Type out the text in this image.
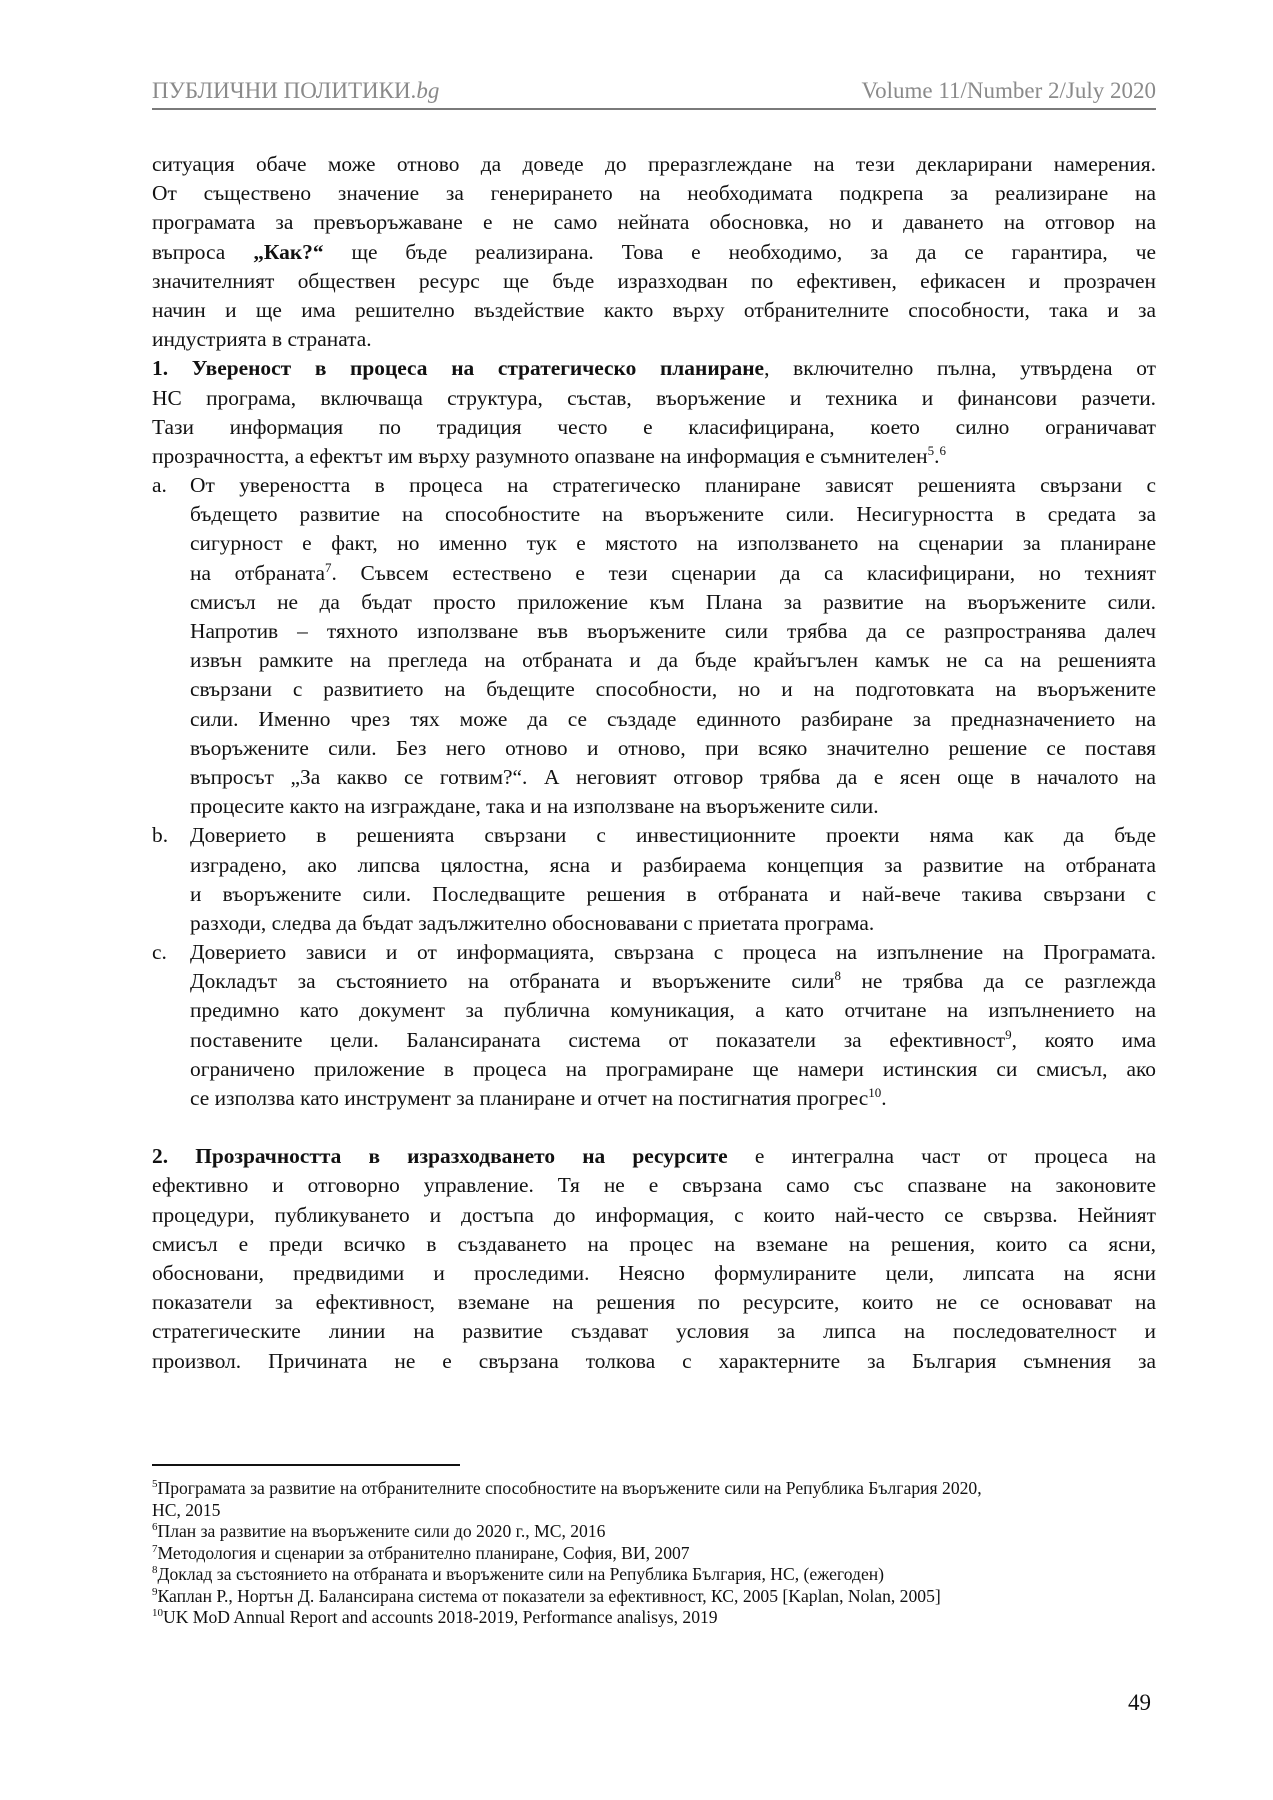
ПУБЛИЧНИ ПОЛИТИКИ.bg	Volume 11/Number 2/July 2020
ситуация обаче може отново да доведе до преразглеждане на тези декларирани намерения.
От съществено значение за генерирането на необходимата подкрепа за реализиране на
програмата за превъоръжаване е не само нейната обосновка, но и даването на отговор на
въпроса „Как?“ ще бъде реализирана. Това е необходимо, за да се гарантира, че
значителният обществен ресурс ще бъде изразходван по ефективен, ефикасен и прозрачен
начин и ще има решително въздействие както върху отбранителните способности, така и за
индустрията в страната.
1. Увереност в процеса на стратегическо планиране, включително пълна, утвърдена от
НС програма, включваща структура, състав, въоръжение и техника и финансови разчети.
Тази информация по традиция често е класифицирана, което силно ограничават
прозрачността, а ефектът им върху разумното опазване на информация е съмнителен$^5$.$^6$
a. От увереността в процеса на стратегическо планиране зависят решенията свързани с
бъдещето развитие на способностите на въоръжените сили. Несигурността в средата за
сигурност е факт, но именно тук е мястото на използването на сценарии за планиране
на отбраната$^7$. Съвсем естествено е тези сценарии да са класифицирани, но техният
смисъл не да бъдат просто приложение към Плана за развитие на въоръжените сили.
Напротив – тяхното използване във въоръжените сили трябва да се разпространява далеч
извън рамките на прегледа на отбраната и да бъде крайъгълен камък не са на решенията
свързани с развитието на бъдещите способности, но и на подготовката на въоръжените
сили. Именно чрез тях може да се създаде единното разбиране за предназначението на
въоръжените сили. Без него отново и отново, при всяко значително решение се поставя
въпросът „За какво се готвим?“. А неговият отговор трябва да е ясен още в началото на
процесите както на изграждане, така и на използване на въоръжените сили.
b. Доверието в решенията свързани с инвестиционните проекти няма как да бъде
изградено, ако липсва цялостна, ясна и разбираема концепция за развитие на отбраната
и въоръжените сили. Последващите решения в отбраната и най-вече такива свързани с
разходи, следва да бъдат задължително обосновавани с приетата програма.
c. Доверието зависи и от информацията, свързана с процеса на изпълнение на Програмата.
Докладът за състоянието на отбраната и въоръжените сили$^8$ не трябва да се разглежда
предимно като документ за публична комуникация, а като отчитане на изпълнението на
поставените цели. Балансираната система от показатели за ефективност$^9$, която има
ограничено приложение в процеса на програмиране ще намери истинския си смисъл, ако
се използва като инструмент за планиране и отчет на постигнатия прогрес$^{10}$.
2. Прозрачността в изразходването на ресурсите е интегрална част от процеса на
ефективно и отговорно управление. Тя не е свързана само със спазване на законовите
процедури, публикуването и достъпа до информация, с които най-често се свързва. Нейният
смисъл е преди всичко в създаването на процес на вземане на решения, които са ясни,
обосновани, предвидими и проследими. Неясно формулираните цели, липсата на ясни
показатели за ефективност, вземане на решения по ресурсите, които не се основават на
стратегическите линии на развитие създават условия за липса на последователност и
произвол. Причината не е свързана толкова с характерните за България съмнения за
$^5$Програмата за развитие на отбранителните способностите на въоръжените сили на Република България 2020,
НС, 2015
$^6$План за развитие на въоръжените сили до 2020 г., МС, 2016
$^7$Методология и сценарии за отбранително планиране, София, ВИ, 2007
$^8$Доклад за състоянието на отбраната и въоръжените сили на Република България, НС, (ежегоден)
$^9$Каплан Р., Нортън Д. Балансирана система от показатели за ефективност, КС, 2005 [Kaplan, Nolan, 2005]
$^{10}$UK MoD Annual Report and accounts 2018-2019, Performance analisys, 2019
49
